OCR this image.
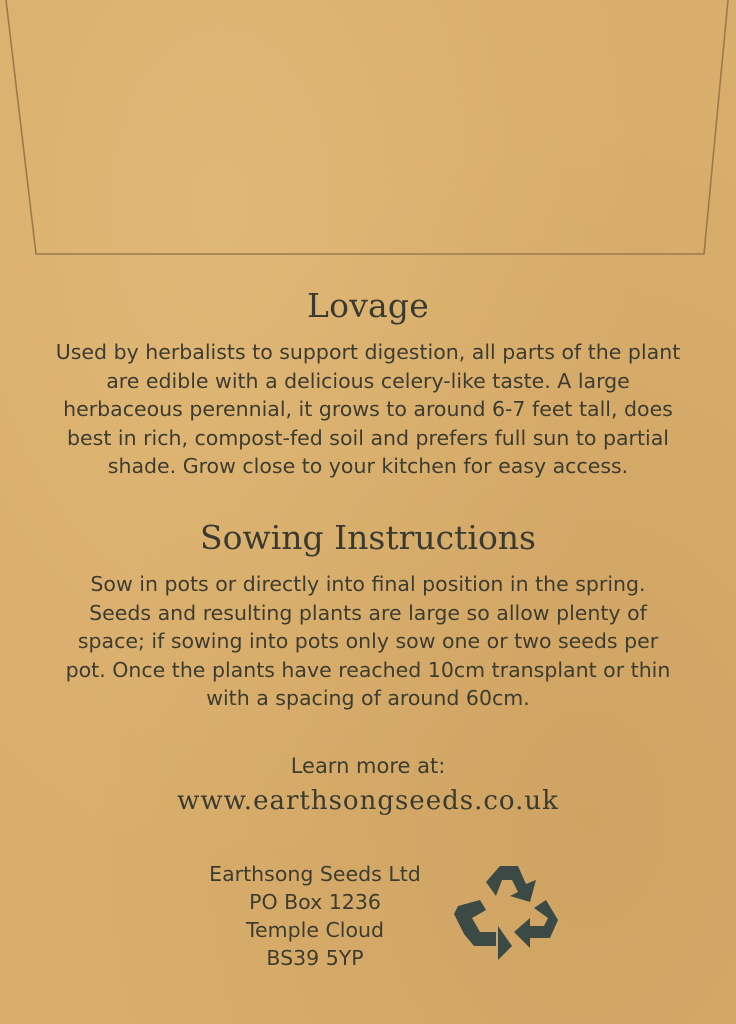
Lovage

Used by herbalists to support digestion, all parts of the plant are edible with a delicious celery-like taste. A large herbaceous perennial, it grows to around 6-7 feet tall, does best in rich, compost-fed soil and prefers full sun to partial shade. Grow close to your kitchen for easy access.

Sowing Instructions

Sow in pots or directly into final position in the spring. Seeds and resulting plants are large so allow plenty of space; if sowing into pots only sow one or two seeds per pot. Once the plants have reached 10cm transplant or thin with a spacing of around 60cm.

Learn more at:

www.earthsongseeds.co.uk
Earthsong Seeds Ltd
PO Box 1236
Temple Cloud
BS39 5YP
